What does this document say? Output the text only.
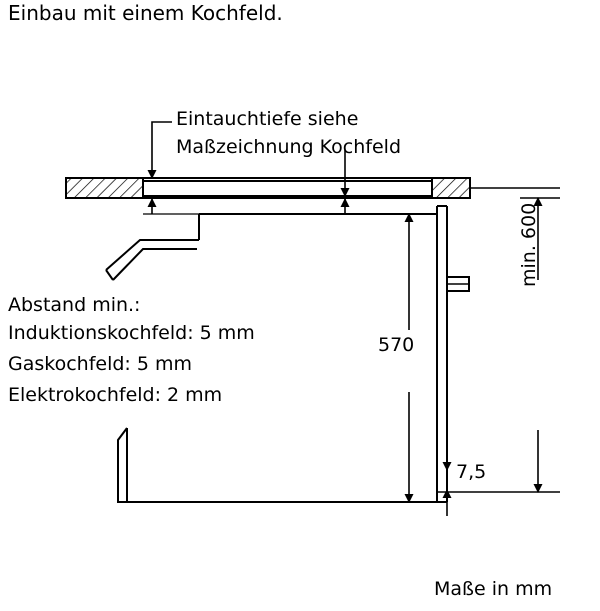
Einbau mit einem Kochfeld.
Eintauchtiefe siehe
Maßzeichnung Kochfeld
Abstand min.:
Induktionskochfeld: 5 mm
Gaskochfeld: 5 mm
Elektrokochfeld: 2 mm
570
7,5
min. 600
Maße in mm
